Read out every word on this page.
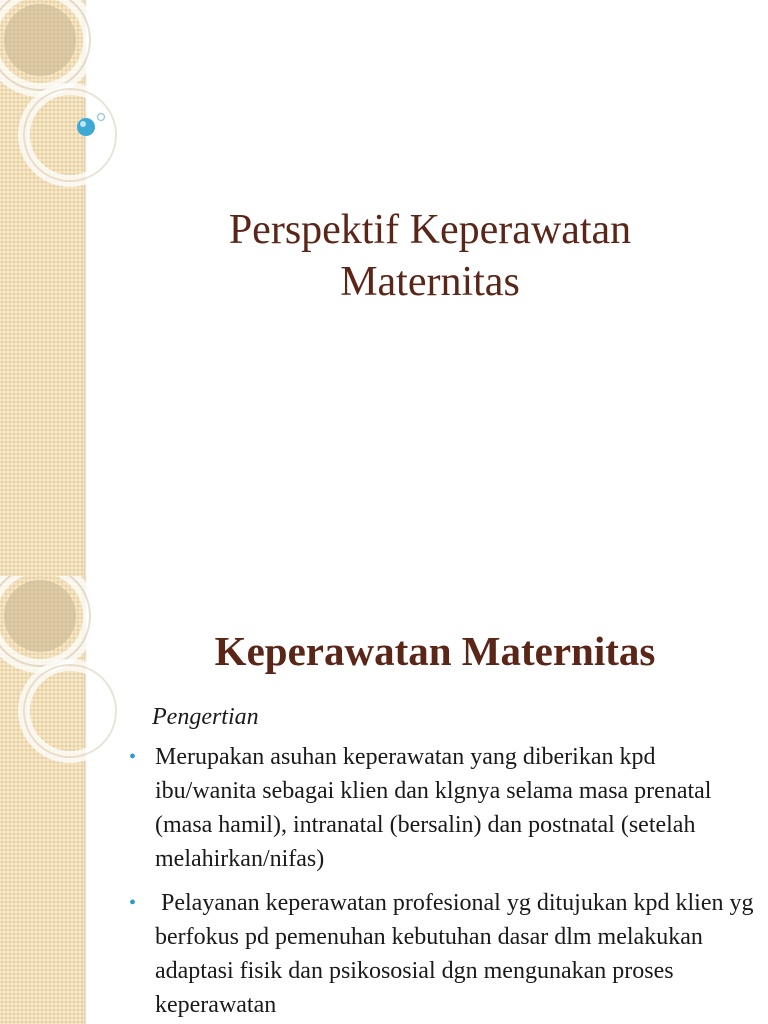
Perspektif Keperawatan
Maternitas
Keperawatan Maternitas

Pengertian

• Merupakan asuhan keperawatan yang diberikan kpd ibu/wanita sebagai klien dan klgnya selama masa prenatal (masa hamil), intranatal (bersalin) dan postnatal (setelah melahirkan/nifas)
• Pelayanan keperawatan profesional yg ditujukan kpd klien yg berfokus pd pemenuhan kebutuhan dasar dlm melakukan adaptasi fisik dan psikososial dgn mengunakan proses keperawatan
